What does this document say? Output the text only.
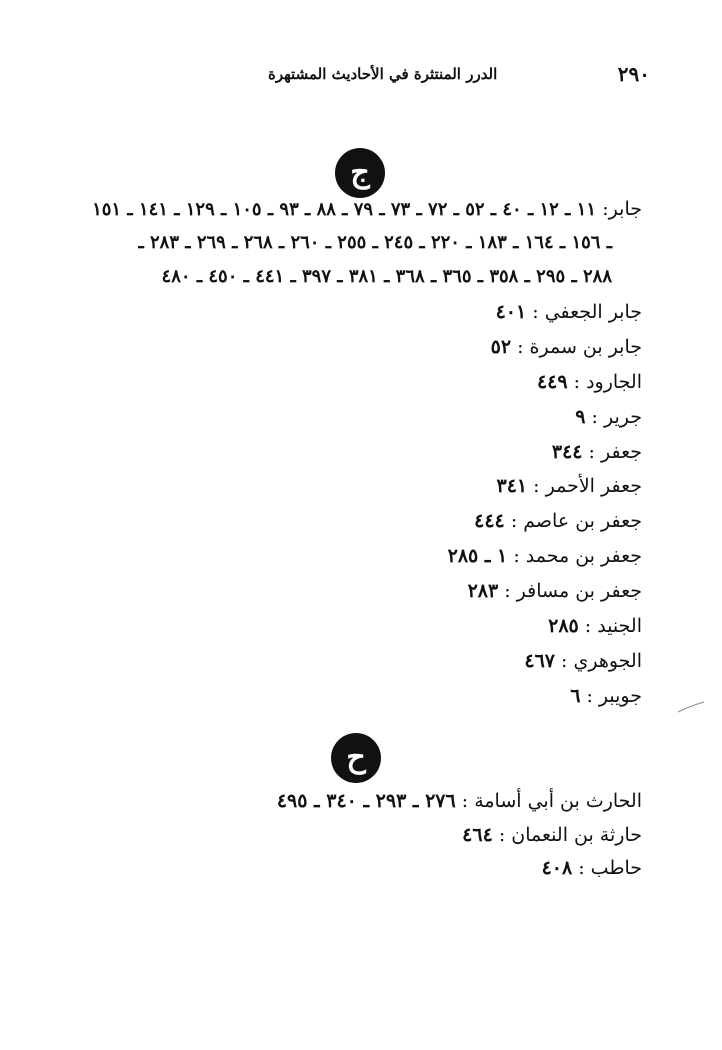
٢٩٠
الدرر المنتثرة في الأحاديث المشتهرة
ج
جابر: ١١ ـ ١٢ ـ ٤٠ ـ ٥٢ ـ ٧٢ ـ ٧٣ ـ ٧٩ ـ ٨٨ ـ ٩٣ ـ ١٠٥ ـ ١٢٩ ـ ١٤١ ـ ١٥١
ـ ١٥٦ ـ ١٦٤ ـ ١٨٣ ـ ٢٢٠ ـ ٢٤٥ ـ ٢٥٥ ـ ٢٦٠ ـ ٢٦٨ ـ ٢٦٩ ـ ٢٨٣ ـ
٢٨٨ ـ ٢٩٥ ـ ٣٥٨ ـ ٣٦٥ ـ ٣٦٨ ـ ٣٨١ ـ ٣٩٧ ـ ٤٤١ ـ ٤٥٠ ـ ٤٨٠
جابر الجعفي : ٤٠١
جابر بن سمرة : ٥٢
الجارود : ٤٤٩
جرير : ٩
جعفر : ٣٤٤
جعفر الأحمر : ٣٤١
جعفر بن عاصم : ٤٤٤
جعفر بن محمد : ١ ـ ٢٨٥
جعفر بن مسافر : ٢٨٣
الجنيد : ٢٨٥
الجوهري : ٤٦٧
جويبر : ٦
ح
الحارث بن أبي أسامة : ٢٧٦ ـ ٢٩٣ ـ ٣٤٠ ـ ٤٩٥
حارثة بن النعمان : ٤٦٤
حاطب : ٤٠٨
